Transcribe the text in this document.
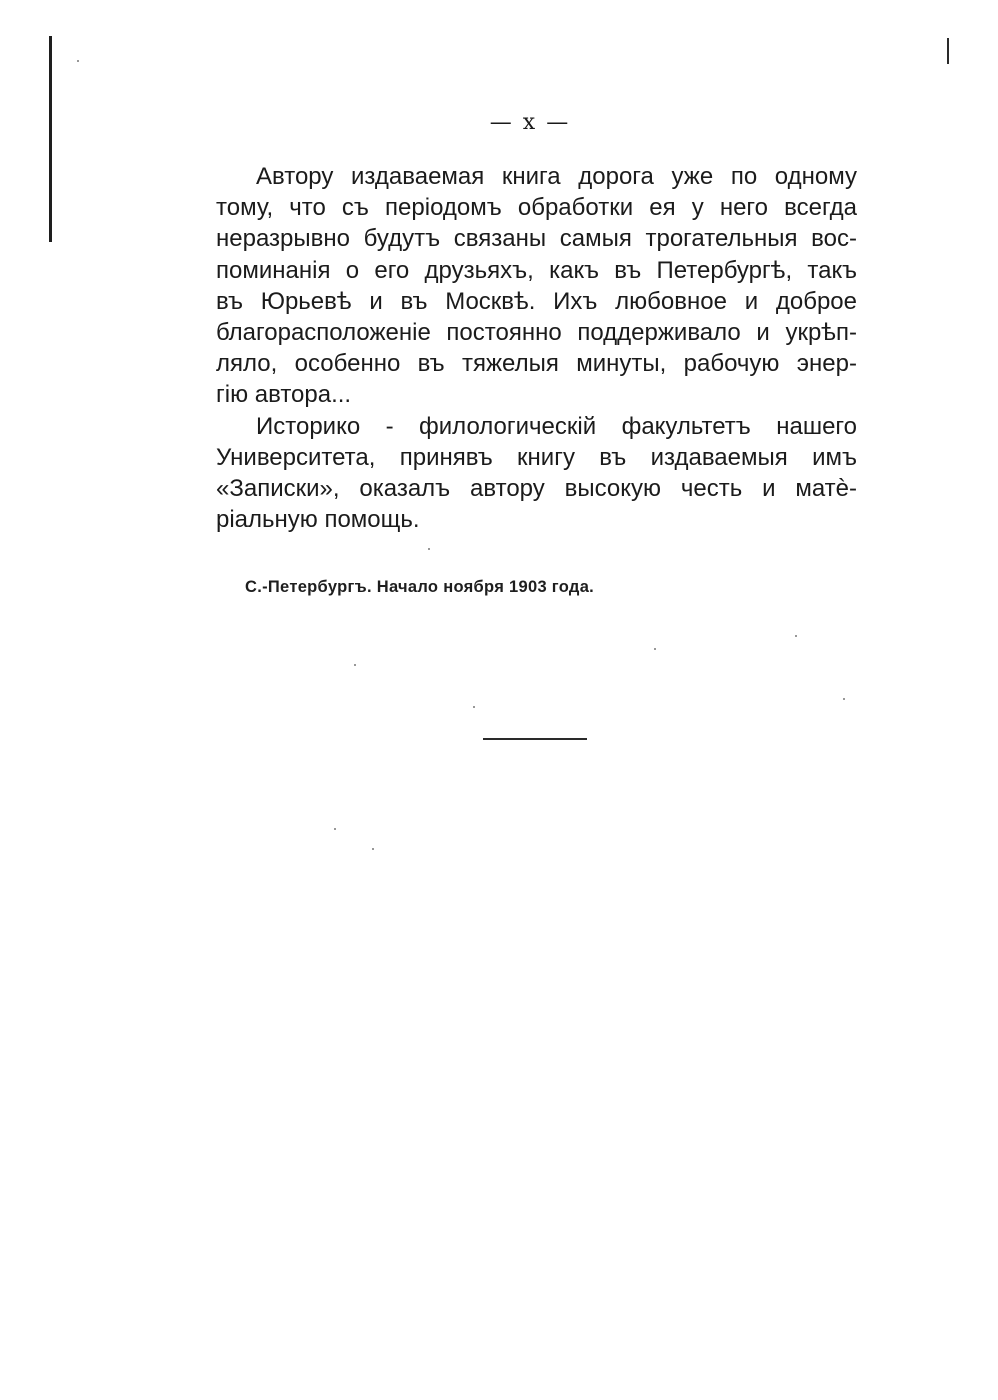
— x —
Автору издаваемая книга дорога уже по одному
тому, что съ періодомъ обработки ея у него всегда
неразрывно будутъ связаны самыя трогательныя вос-
поминанія о его друзьяхъ, какъ въ Петербургѣ, такъ
въ Юрьевѣ и въ Москвѣ. Ихъ любовное и доброе
благорасположеніе постоянно поддерживало и укрѣп-
ляло, особенно въ тяжелыя минуты, рабочую энер-
гію автора...
Историко - филологическій факультетъ нашего
Университета, принявъ книгу въ издаваемыя имъ
«Записки», оказалъ автору высокую честь и матѐ-
ріальную помощь.
С.-Петербургъ. Начало ноября 1903 года.
